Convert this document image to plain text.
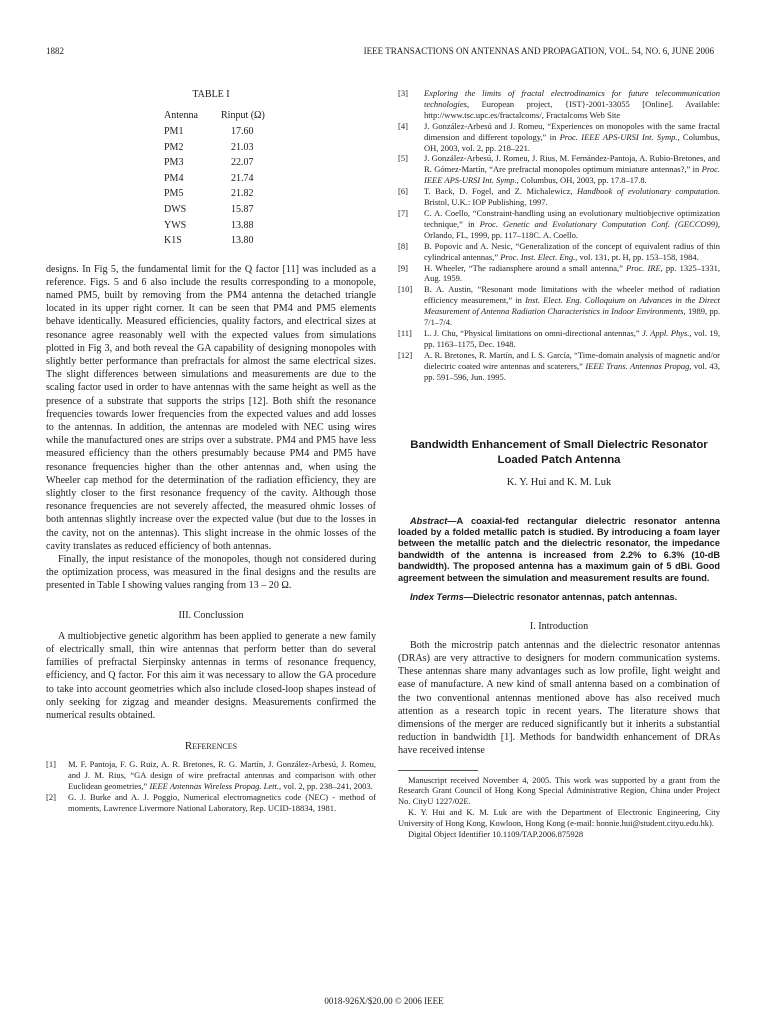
1882	IEEE TRANSACTIONS ON ANTENNAS AND PROPAGATION, VOL. 54, NO. 6, JUNE 2006
TABLE I
Antenna	Rinput (Ω)
PM1	17.60
PM2	21.03
PM3	22.07
PM4	21.74
PM5	21.82
DWS	15.87
YWS	13.88
K1S	13.80

designs. In Fig 5, the fundamental limit for the Q factor [11] was included as a reference. Figs. 5 and 6 also include the results corresponding to a monopole, named PM5, built by removing from the PM4 antenna the detached triangle located in its upper right corner. It can be seen that PM4 and PM5 elements behave identically. Measured efficiencies, quality factors, and electrical sizes at resonance agree reasonably well with the expected values from simulations plotted in Fig 3, and both reveal the GA capability of designing monopoles with slightly better performance than prefractals for almost the same electrical sizes. The slight differences between simulations and measurements are due to the scaling factor used in order to have antennas with the same height as well as the presence of a substrate that supports the strips [12]. Both shift the resonance frequencies towards lower frequencies from the expected values and add losses to the antennas. In addition, the antennas are modeled with NEC using wires while the manufactured ones are strips over a substrate. PM4 and PM5 have less measured efficiency than the others presumably because PM4 and PM5 have resonance frequencies higher than the other antennas and, when using the Wheeler cap method for the determination of the radiation efficiency, they are slightly closer to the first resonance frequency of the cavity. Although those resonance frequencies are not severely affected, the measured ohmic losses of both antennas slightly increase over the expected value (but due to the losses in the cavity, not on the antennas). This slight increase in the ohmic losses of the cavity translates as reduced efficiency of both antennas.

Finally, the input resistance of the monopoles, though not considered during the optimization process, was measured in the final designs and the results are presented in Table I showing values ranging from 13 – 20 Ω.

III. Conclussion

A multiobjective genetic algorithm has been applied to generate a new family of electrically small, thin wire antennas that perform better than do several families of prefractal Sierpinsky antennas in terms of resonance frequency, efficiency, and Q factor. For this aim it was necessary to allow the GA procedure to take into account geometries which also include closed-loop shapes instead of only seeking for zigzag and meander designs. Measurements confirmed the numerical results obtained.

References
[1]	M. F. Pantoja, F. G. Ruiz, A. R. Bretones, R. G. Martín, J. González-Arbesú, J. Romeu, and J. M. Rius, “GA design of wire prefractal antennas and comparison with other Euclidean geometries,” IEEE Antennas Wireless Propag. Lett., vol. 2, pp. 238–241, 2003.
[2]	G. J. Burke and A. J. Poggio, Numerical electromagnetics code (NEC) - method of moments, Lawrence Livermore National Laboratory, Rep. UCID-18834, 1981.
[3]	Exploring the limits of fractal electrodinamics for future telecommunication technologies, European project, {IST}-2001-33055 [Online]. Available: http://www.tsc.upc.es/fractalcoms/, Fractalcoms Web Site
[4]	J. González-Arbesú and J. Romeu, “Experiences on monopoles with the same fractal dimension and different topology,” in Proc. IEEE APS-URSI Int. Symp., Columbus, OH, 2003, vol. 2, pp. 218–221.
[5]	J. González-Arbesú, J. Romeu, J. Rius, M. Fernández-Pantoja, A. Rubio-Bretones, and R. Gómez-Martín, “Are prefractal monopoles optimum miniature antennas?,” in Proc. IEEE APS-URSI Int. Symp., Columbus, OH, 2003, pp. 17.8–17.8.
[6]	T. Back, D. Fogel, and Z. Michalewicz, Handbook of evolutionary computation. Bristol, U.K.: IOP Publishing, 1997.
[7]	C. A. Coello, “Constraint-handling using an evolutionary multiobjective optimization technique,” in Proc. Genetic and Evolutionary Computation Conf. (GECCO99), Orlando, FL, 1999, pp. 117–118C. A. Coello.
[8]	B. Popovic and A. Nesic, “Generalization of the concept of equivalent radius of thin cylindrical antennas,” Proc. Inst. Elect. Eng., vol. 131, pt. H, pp. 153–158, 1984.
[9]	H. Wheeler, “The radiansphere around a small antenna,” Proc. IRE, pp. 1325–1331, Aug. 1959.
[10]	B. A. Austin, “Resonant mode limitations with the wheeler method of radiation efficiency measurement,” in Inst. Elect. Eng. Colloquium on Advances in the Direct Measurement of Antenna Radiation Characteristics in Indoor Environments, 1989, pp. 7/1–7/4.
[11]	L. J. Chu, “Physical limitations on omni-directional antennas,” J. Appl. Phys., vol. 19, pp. 1163–1175, Dec. 1948.
[12]	A. R. Bretones, R. Martín, and I. S. García, “Time-domain analysis of magnetic and/or dielectric coated wire antennas and scaterers,” IEEE Trans. Antennas Propag, vol. 43, pp. 591–596, Jun. 1995.
Bandwidth Enhancement of Small Dielectric Resonator Loaded Patch Antenna
K. Y. Hui and K. M. Luk
Abstract—A coaxial-fed rectangular dielectric resonator antenna loaded by a folded metallic patch is studied. By introducing a foam layer between the metallic patch and the dielectric resonator, the impedance bandwidth of the antenna is increased from 2.2% to 6.3% (10-dB bandwidth). The proposed antenna has a maximum gain of 5 dBi. Good agreement between the simulation and measurement results are found.
Index Terms—Dielectric resonator antennas, patch antennas.
I. Introduction

Both the microstrip patch antennas and the dielectric resonator antennas (DRAs) are very attractive to designers for modern communication systems. These antennas share many advantages such as low profile, light weight and ease of manufacture. A new kind of small antenna based on a combination of the two conventional antennas mentioned above has also received much attention as a research topic in recent years. The literature shows that dimensions of the merger are reduced significantly but it inherits a substantial reduction in bandwidth [1]. Methods for bandwidth enhancement of DRAs have received intense

Manuscript received November 4, 2005. This work was supported by a grant from the Research Grant Council of Hong Kong Special Administrative Region, China under Project No. CityU 1227/02E.

K. Y. Hui and K. M. Luk are with the Department of Electronic Engineering, City University of Hong Kong, Kowloon, Hong Kong (e-mail: bonnie.hui@student.cityu.edu.hk).

Digital Object Identifier 10.1109/TAP.2006.875928

0018-926X/$20.00 © 2006 IEEE
